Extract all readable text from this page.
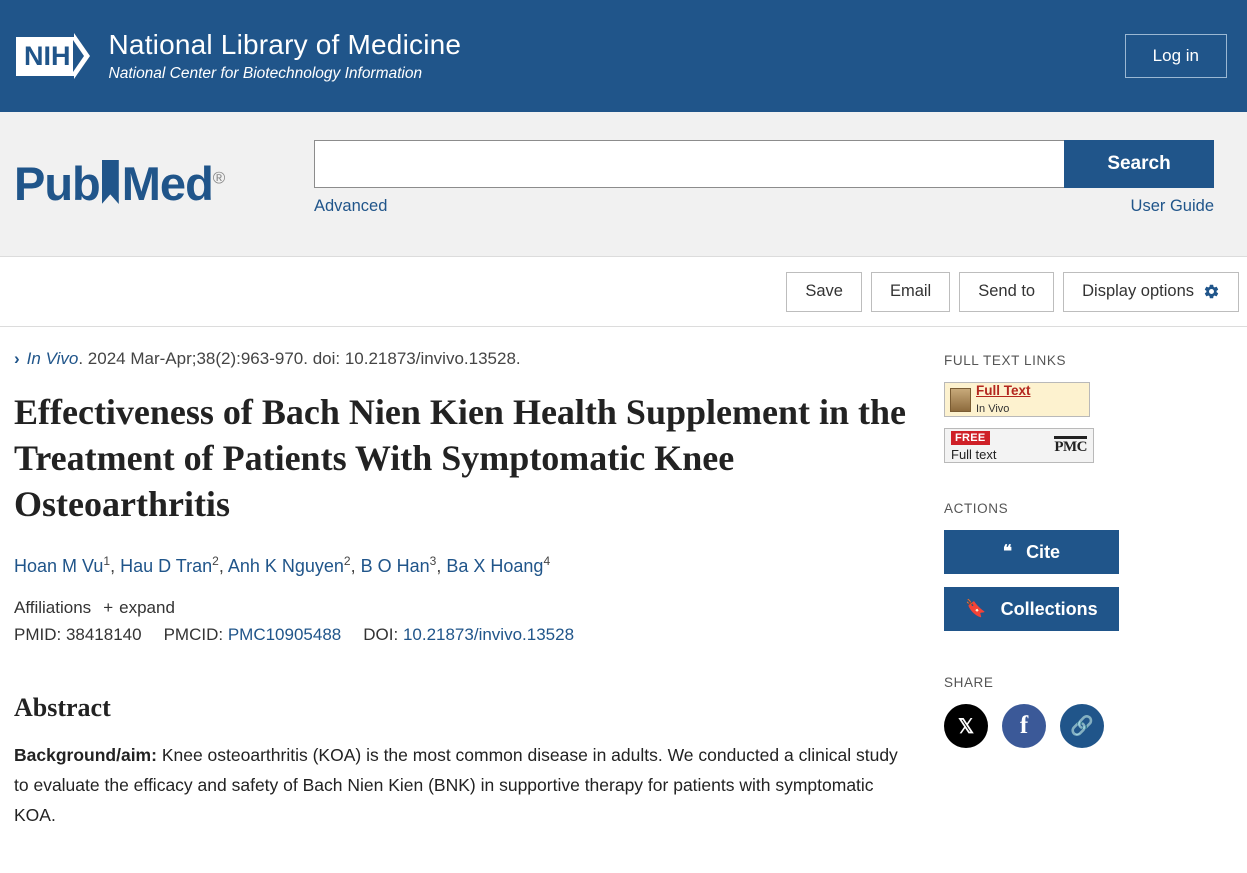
NIH National Library of Medicine
National Center for Biotechnology Information
Log in
Pub Med®
Search
Advanced	User Guide
Save	Email	Send to	Display options
› In Vivo. 2024 Mar-Apr;38(2):963-970. doi: 10.21873/invivo.13528.
Effectiveness of Bach Nien Kien Health Supplement in the Treatment of Patients With Symptomatic Knee Osteoarthritis
Hoan M Vu$^1$, Hau D Tran$^2$, Anh K Nguyen$^2$, B O Han$^3$, Ba X Hoang$^4$
Affiliations + expand
PMID: 38418140 PMCID: PMC10905488 DOI: 10.21873/invivo.13528
Abstract
Background/aim: Knee osteoarthritis (KOA) is the most common disease in adults. We conducted a clinical study to evaluate the efficacy and safety of Bach Nien Kien (BNK) in supportive therapy for patients with symptomatic KOA.
FULL TEXT LINKS
Full Text
In Vivo
FREE
Full text	PMC
ACTIONS
❝ Cite
🔖 Collections
SHARE
𝕏	f	🔗
